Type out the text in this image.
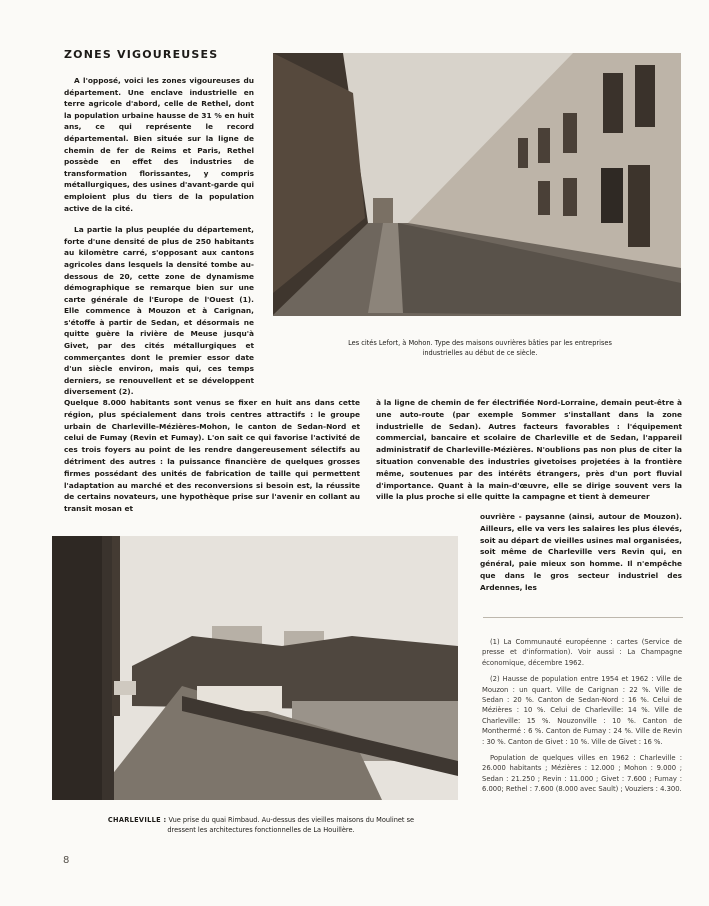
ZONES VIGOUREUSES

A l'opposé, voici les zones vigoureuses du département. Une enclave industrielle en terre agricole d'abord, celle de Rethel, dont la population urbaine hausse de 31 % en huit ans, ce qui représente le record départemental. Bien située sur la ligne de chemin de fer de Reims et Paris, Rethel possède en effet des industries de transformation florissantes, y compris métallurgiques, des usines d'avant-garde qui emploient plus du tiers de la population active de la cité.

La partie la plus peuplée du département, forte d'une densité de plus de 250 habitants au kilomètre carré, s'opposant aux cantons agricoles dans lesquels la densité tombe au-dessous de 20, cette zone de dynamisme démographique se remarque bien sur une carte générale de l'Europe de l'Ouest (1). Elle commence à Mouzon et à Carignan, s'étoffe à partir de Sedan, et désormais ne quitte guère la rivière de Meuse jusqu'à Givet, par des cités métallurgiques et commerçantes dont le premier essor date d'un siècle environ, mais qui, ces temps derniers, se renouvellent et se développent diversement (2).

Les cités Lefort, à Mohon. Type des maisons ouvrières bâties par les entreprises industrielles au début de ce siècle.
Quelque 8.000 habitants sont venus se fixer en huit ans dans cette région, plus spécialement dans trois centres attractifs : le groupe urbain de Charleville-Mézières-Mohon, le canton de Sedan-Nord et celui de Fumay (Revin et Fumay). L'on sait ce qui favorise l'activité de ces trois foyers au point de les rendre dangereusement sélectifs au détriment des autres : la puissance financière de quelques grosses firmes possédant des unités de fabrication de taille qui permettent l'adaptation au marché et des reconversions si besoin est, la réussite de certains novateurs, une hypothèque prise sur l'avenir en collant au transit mosan et
à la ligne de chemin de fer électrifiée Nord-Lorraine, demain peut-être à une auto-route (par exemple Sommer s'installant dans la zone industrielle de Sedan). Autres facteurs favorables : l'équipement commercial, bancaire et scolaire de Charleville et de Sedan, l'appareil administratif de Charleville-Mézières. N'oublions pas non plus de citer la situation convenable des industries givetoises projetées à la frontière même, soutenues par des intérêts étrangers, près d'un port fluvial d'importance. Quant à la main-d'œuvre, elle se dirige souvent vers la ville la plus proche si elle quitte la campagne et tient à demeurer
ouvrière - paysanne (ainsi, autour de Mouzon). Ailleurs, elle va vers les salaires les plus élevés, soit au départ de vieilles usines mal organisées, soit même de Charleville vers Revin qui, en général, paie mieux son homme. Il n'empêche que dans le gros secteur industriel des Ardennes, les
CHARLEVILLE : Vue prise du quai Rimbaud. Au-dessus des vieilles maisons du Moulinet se dressent les architectures fonctionnelles de La Houillère.

(1) La Communauté européenne : cartes (Service de presse et d'information). Voir aussi : La Champagne économique, décembre 1962.

(2) Hausse de population entre 1954 et 1962 : Ville de Mouzon : un quart. Ville de Carignan : 22 %. Ville de Sedan : 20 %. Canton de Sedan-Nord : 16 %. Celui de Mézières : 10 %. Celui de Charleville: 14 %. Ville de Charleville: 15 %. Nouzonville : 10 %. Canton de Monthermé : 6 %. Canton de Fumay : 24 %. Ville de Revin : 30 %. Canton de Givet : 10 %. Ville de Givet : 16 %.

Population de quelques villes en 1962 : Charleville : 26.000 habitants ; Mézières : 12.000 ; Mohon : 9.000 ; Sedan : 21.250 ; Revin : 11.000 ; Givet : 7.600 ; Fumay : 6.000; Rethel : 7.600 (8.000 avec Sault) ; Vouziers : 4.300.

8
